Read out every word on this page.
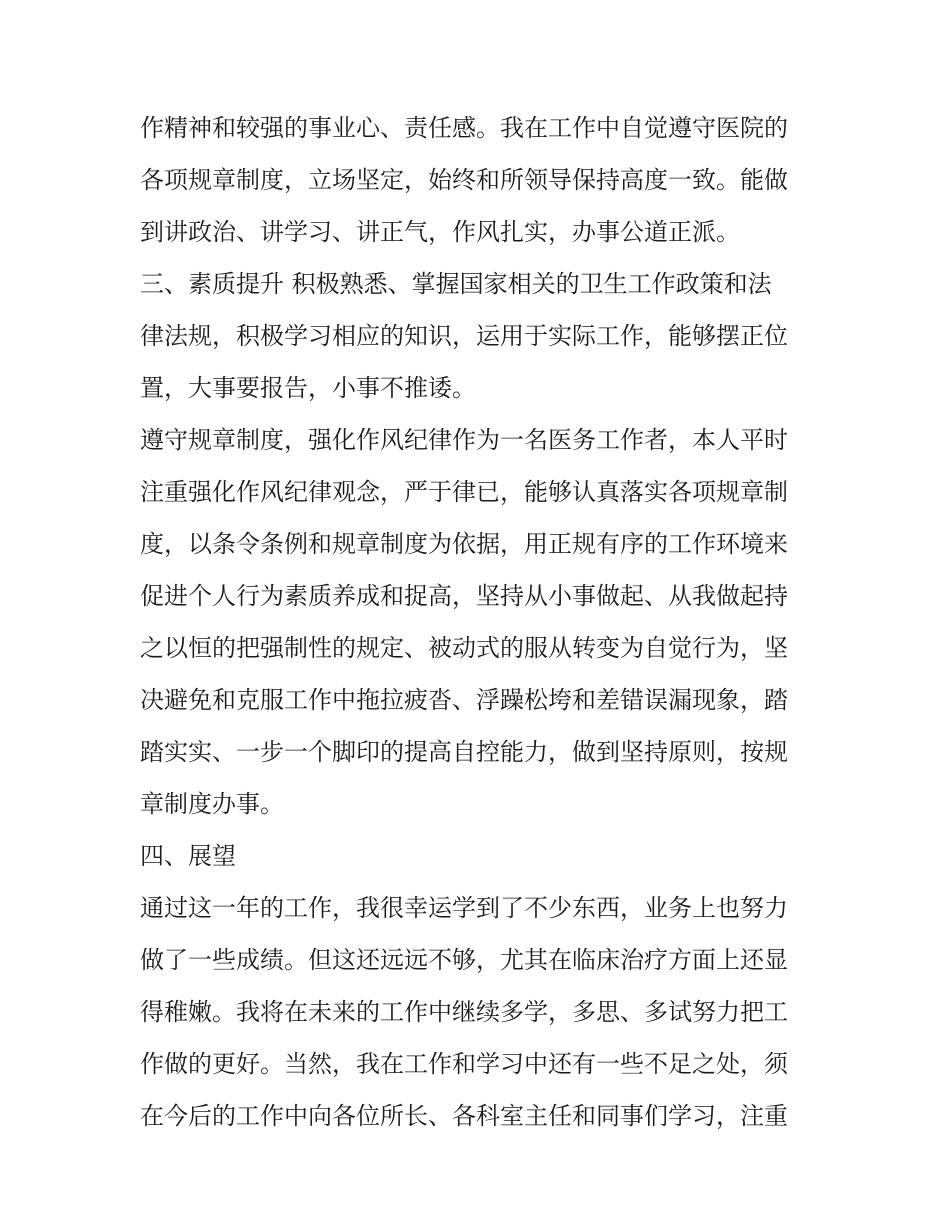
作精神和较强的事业心、责任感。我在工作中自觉遵守医院的
各项规章制度，立场坚定，始终和所领导保持高度一致。能做
到讲政治、讲学习、讲正气，作风扎实，办事公道正派。
三、素质提升 积极熟悉、掌握国家相关的卫生工作政策和法
律法规，积极学习相应的知识，运用于实际工作，能够摆正位
置，大事要报告，小事不推诿。
遵守规章制度，强化作风纪律作为一名医务工作者，本人平时
注重强化作风纪律观念，严于律已，能够认真落实各项规章制
度，以条令条例和规章制度为依据，用正规有序的工作环境来
促进个人行为素质养成和捉高，坚持从小事做起、从我做起持
之以恒的把强制性的规定、被动式的服从转变为自觉行为，坚
决避免和克服工作中拖拉疲沓、浮躁松垮和差错误漏现象，踏
踏实实、一步一个脚印的提高自控能力，做到坚持原则，按规
章制度办事。
四、展望
通过这一年的工作，我很幸运学到了不少东西，业务上也努力
做了一些成绩。但这还远远不够，尤其在临床治疗方面上还显
得稚嫩。我将在未来的工作中继续多学，多思、多试努力把工
作做的更好。当然，我在工作和学习中还有一些不足之处，须
在今后的工作中向各位所长、各科室主任和同事们学习，注重
